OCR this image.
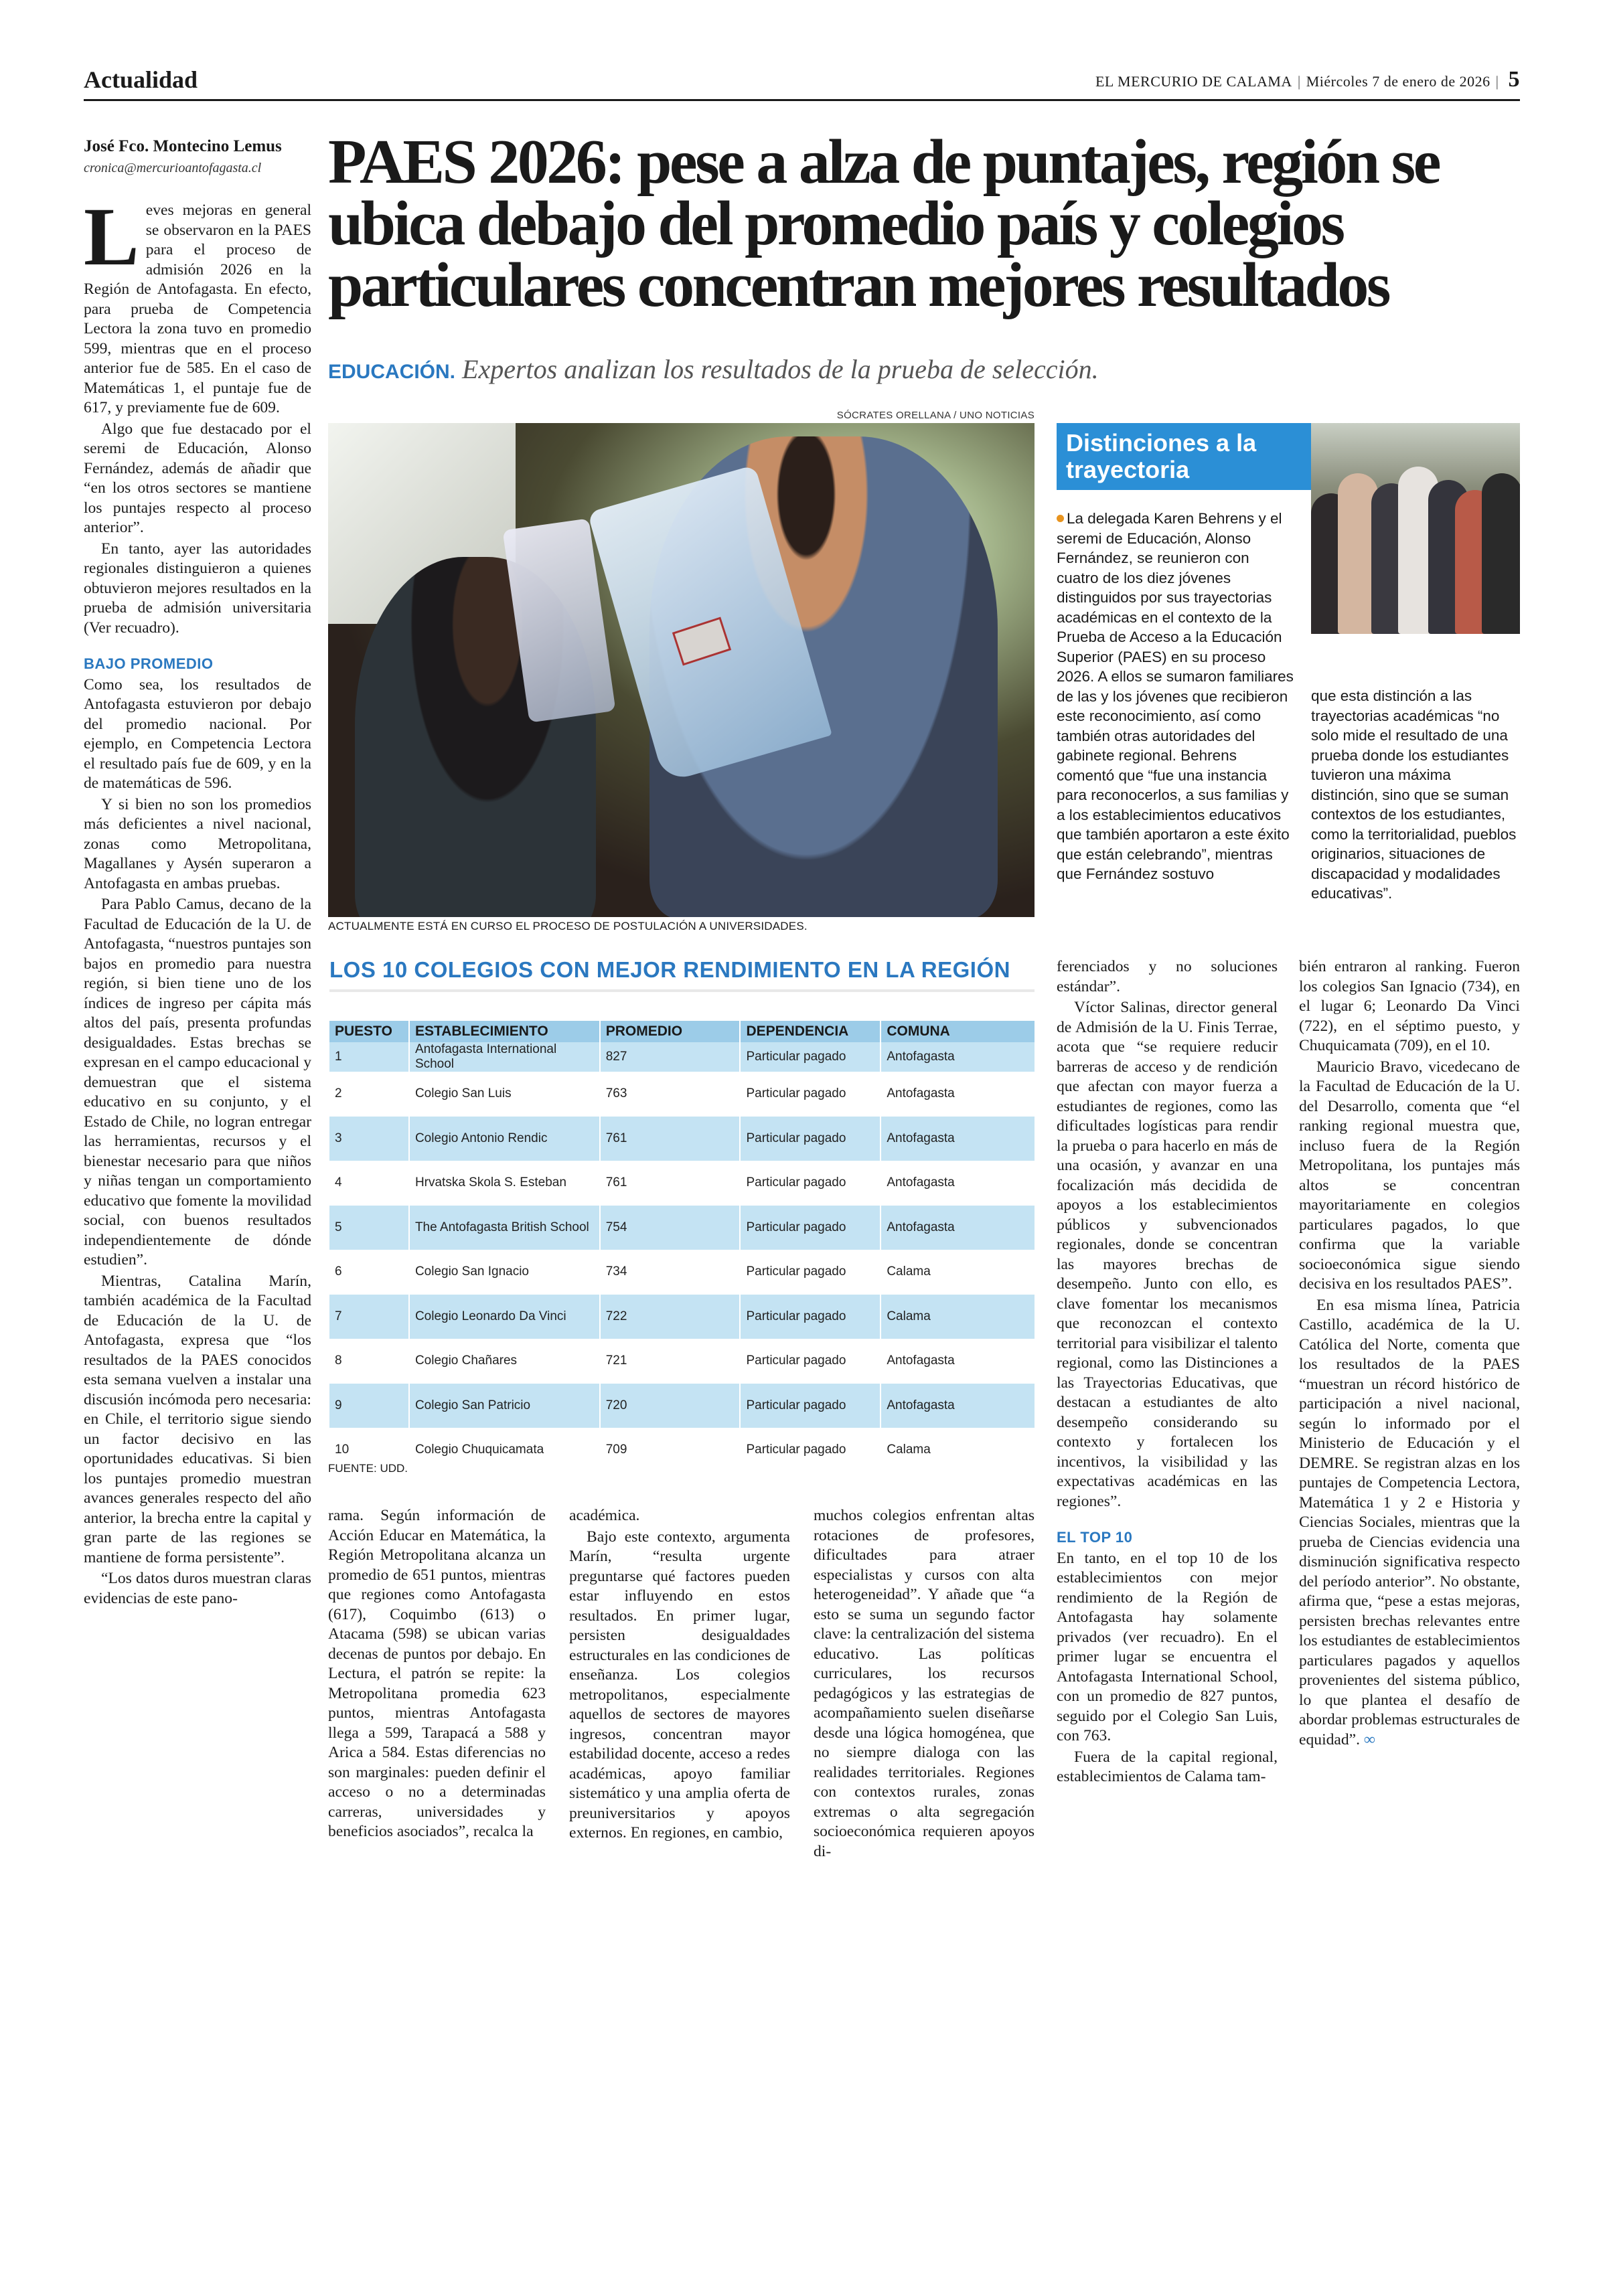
Actualidad	EL MERCURIO DE CALAMA | Miércoles 7 de enero de 2026 | 5
José Fco. Montecino Lemus
cronica@mercurioantofagasta.cl	PAES 2026: pese a alza de puntajes, región se ubica debajo del promedio país y colegios particulares concentran mejores resultados
EDUCACIÓN. Expertos analizan los resultados de la prueba de selección.

Leves mejoras en general se observaron en la PAES para el proceso de admisión 2026 en la Región de Antofagasta. En efecto, para prueba de Competencia Lectora la zona tuvo en promedio 599, mientras que en el proceso anterior fue de 585. En el caso de Matemáticas 1, el puntaje fue de 617, y previamente fue de 609.

Algo que fue destacado por el seremi de Educación, Alonso Fernández, además de añadir que “en los otros sectores se mantiene los puntajes respecto al proceso anterior”.

En tanto, ayer las autoridades regionales distinguieron a quienes obtuvieron mejores resultados en la prueba de admisión universitaria (Ver recuadro).

BAJO PROMEDIO

Como sea, los resultados de Antofagasta estuvieron por debajo del promedio nacional. Por ejemplo, en Competencia Lectora el resultado país fue de 609, y en la de matemáticas de 596.

Y si bien no son los promedios más deficientes a nivel nacional, zonas como Metropolitana, Magallanes y Aysén superaron a Antofagasta en ambas pruebas.

Para Pablo Camus, decano de la Facultad de Educación de la U. de Antofagasta, “nuestros puntajes son bajos en promedio para nuestra región, si bien tiene uno de los índices de ingreso per cápita más altos del país, presenta profundas desigualdades. Estas brechas se expresan en el campo educacional y demuestran que el sistema educativo en su conjunto, y el Estado de Chile, no logran entregar las herramientas, recursos y el bienestar necesario para que niños y niñas tengan un comportamiento educativo que fomente la movilidad social, con buenos resultados independientemente de dónde estudien”.

Mientras, Catalina Marín, también académica de la Facultad de Educación de la U. de Antofagasta, expresa que “los resultados de la PAES conocidos esta semana vuelven a instalar una discusión incómoda pero necesaria: en Chile, el territorio sigue siendo un factor decisivo en las oportunidades educativas. Si bien los puntajes promedio muestran avances generales respecto del año anterior, la brecha entre la capital y gran parte de las regiones se mantiene de forma persistente”.

“Los datos duros muestran claras evidencias de este pano-

SÓCRATES ORELLANA / UNO NOTICIAS
ACTUALMENTE ESTÁ EN CURSO EL PROCESO DE POSTULACIÓN A UNIVERSIDADES.
Distinciones a la trayectoria

La delegada Karen Behrens y el seremi de Educación, Alonso Fernández, se reunieron con cuatro de los diez jóvenes distinguidos por sus trayectorias académicas en el contexto de la Prueba de Acceso a la Educación Superior (PAES) en su proceso 2026. A ellos se sumaron familiares de las y los jóvenes que recibieron este reconocimiento, así como también otras autoridades del gabinete regional. Behrens comentó que “fue una instancia para reconocerlos, a sus familias y a los establecimientos educativos que también aportaron a este éxito que están celebrando”, mientras que Fernández sostuvo

que esta distinción a las trayectorias académicas “no solo mide el resultado de una prueba donde los estudiantes tuvieron una máxima distinción, sino que se suman contextos de los estudiantes, como la territorialidad, pueblos originarios, situaciones de discapacidad y modalidades educativas”.

LOS 10 COLEGIOS CON MEJOR RENDIMIENTO EN LA REGIÓN
PUESTO	ESTABLECIMIENTO	PROMEDIO	DEPENDENCIA	COMUNA
1	Antofagasta International School	827	Particular pagado	Antofagasta
2	Colegio San Luis	763	Particular pagado	Antofagasta
3	Colegio Antonio Rendic	761	Particular pagado	Antofagasta
4	Hrvatska Skola S. Esteban	761	Particular pagado	Antofagasta
5	The Antofagasta British School	754	Particular pagado	Antofagasta
6	Colegio San Ignacio	734	Particular pagado	Calama
7	Colegio Leonardo Da Vinci	722	Particular pagado	Calama
8	Colegio Chañares	721	Particular pagado	Antofagasta
9	Colegio San Patricio	720	Particular pagado	Antofagasta
10	Colegio Chuquicamata	709	Particular pagado	Calama
FUENTE: UDD.

rama. Según información de Acción Educar en Matemática, la Región Metropolitana alcanza un promedio de 651 puntos, mientras que regiones como Antofagasta (617), Coquimbo (613) o Atacama (598) se ubican varias decenas de puntos por debajo. En Lectura, el patrón se repite: la Metropolitana promedia 623 puntos, mientras Antofagasta llega a 599, Tarapacá a 588 y Arica a 584. Estas diferencias no son marginales: pueden definir el acceso o no a determinadas carreras, universidades y beneficios asociados”, recalca la

académica.

Bajo este contexto, argumenta Marín, “resulta urgente preguntarse qué factores pueden estar influyendo en estos resultados. En primer lugar, persisten desigualdades estructurales en las condiciones de enseñanza. Los colegios metropolitanos, especialmente aquellos de sectores de mayores ingresos, concentran mayor estabilidad docente, acceso a redes académicas, apoyo familiar sistemático y una amplia oferta de preuniversitarios y apoyos externos. En regiones, en cambio,

muchos colegios enfrentan altas rotaciones de profesores, dificultades para atraer especialistas y cursos con alta heterogeneidad”. Y añade que “a esto se suma un segundo factor clave: la centralización del sistema educativo. Las políticas curriculares, los recursos pedagógicos y las estrategias de acompañamiento suelen diseñarse desde una lógica homogénea, que no siempre dialoga con las realidades territoriales. Regiones con contextos rurales, zonas extremas o alta segregación socioeconómica requieren apoyos di-

ferenciados y no soluciones estándar”.

Víctor Salinas, director general de Admisión de la U. Finis Terrae, acota que “se requiere reducir barreras de acceso y de rendición que afectan con mayor fuerza a estudiantes de regiones, como las dificultades logísticas para rendir la prueba o para hacerlo en más de una ocasión, y avanzar en una focalización más decidida de apoyos a los establecimientos públicos y subvencionados regionales, donde se concentran las mayores brechas de desempeño. Junto con ello, es clave fomentar los mecanismos que reconozcan el contexto territorial para visibilizar el talento regional, como las Distinciones a las Trayectorias Educativas, que destacan a estudiantes de alto desempeño considerando su contexto y fortalecen los incentivos, la visibilidad y las expectativas académicas en las regiones”.

EL TOP 10

En tanto, en el top 10 de los establecimientos con mejor rendimiento de la Región de Antofagasta hay solamente privados (ver recuadro). En el primer lugar se encuentra el Antofagasta International School, con un promedio de 827 puntos, seguido por el Colegio San Luis, con 763.

Fuera de la capital regional, establecimientos de Calama tam-

bién entraron al ranking. Fueron los colegios San Ignacio (734), en el lugar 6; Leonardo Da Vinci (722), en el séptimo puesto, y Chuquicamata (709), en el 10.

Mauricio Bravo, vicedecano de la Facultad de Educación de la U. del Desarrollo, comenta que “el ranking regional muestra que, incluso fuera de la Región Metropolitana, los puntajes más altos se concentran mayoritariamente en colegios particulares pagados, lo que confirma que la variable socioeconómica sigue siendo decisiva en los resultados PAES”.

En esa misma línea, Patricia Castillo, académica de la U. Católica del Norte, comenta que los resultados de la PAES “muestran un récord histórico de participación a nivel nacional, según lo informado por el Ministerio de Educación y el DEMRE. Se registran alzas en los puntajes de Competencia Lectora, Matemática 1 y 2 e Historia y Ciencias Sociales, mientras que la prueba de Ciencias evidencia una disminución significativa respecto del período anterior”. No obstante, afirma que, “pese a estas mejoras, persisten brechas relevantes entre los estudiantes de establecimientos particulares pagados y aquellos provenientes del sistema público, lo que plantea el desafío de abordar problemas estructurales de equidad”. ∞
